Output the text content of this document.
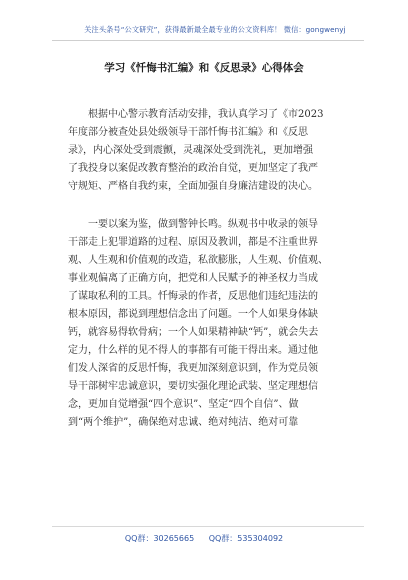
关注头条号“公文研究”，获得最新最全最专业的公文资料库！ 微信：gongwenyj
学习《忏悔书汇编》和《反思录》心得体会
根据中心警示教育活动安排，我认真学习了《市2023
年度部分被查处县处级领导干部忏悔书汇编》和《反思
录》，内心深处受到震颤，灵魂深处受到洗礼，更加增强
了我投身以案促改教育整治的政治自觉，更加坚定了我严
守规矩、严格自我约束，全面加强自身廉洁建设的决心。
一要以案为鉴，做到警钟长鸣。纵观书中收录的领导
干部走上犯罪道路的过程、原因及教训，都是不注重世界
观、人生观和价值观的改造，私欲膨胀，人生观、价值观、
事业观偏离了正确方向，把党和人民赋予的神圣权力当成
了谋取私利的工具。忏悔录的作者，反思他们违纪违法的
根本原因，都说到理想信念出了问题。一个人如果身体缺
钙，就容易得软骨病；一个人如果精神缺“钙”，就会失去
定力，什么样的见不得人的事都有可能干得出来。通过他
们发人深省的反思忏悔，我更加深刻意识到，作为党员领
导干部树牢忠诚意识，要切实强化理论武装、坚定理想信
念，更加自觉增强“四个意识”、坚定“四个自信”、做
到“两个维护”，确保绝对忠诚、绝对纯洁、绝对可靠
QQ群：30265665 QQ群：535304092
